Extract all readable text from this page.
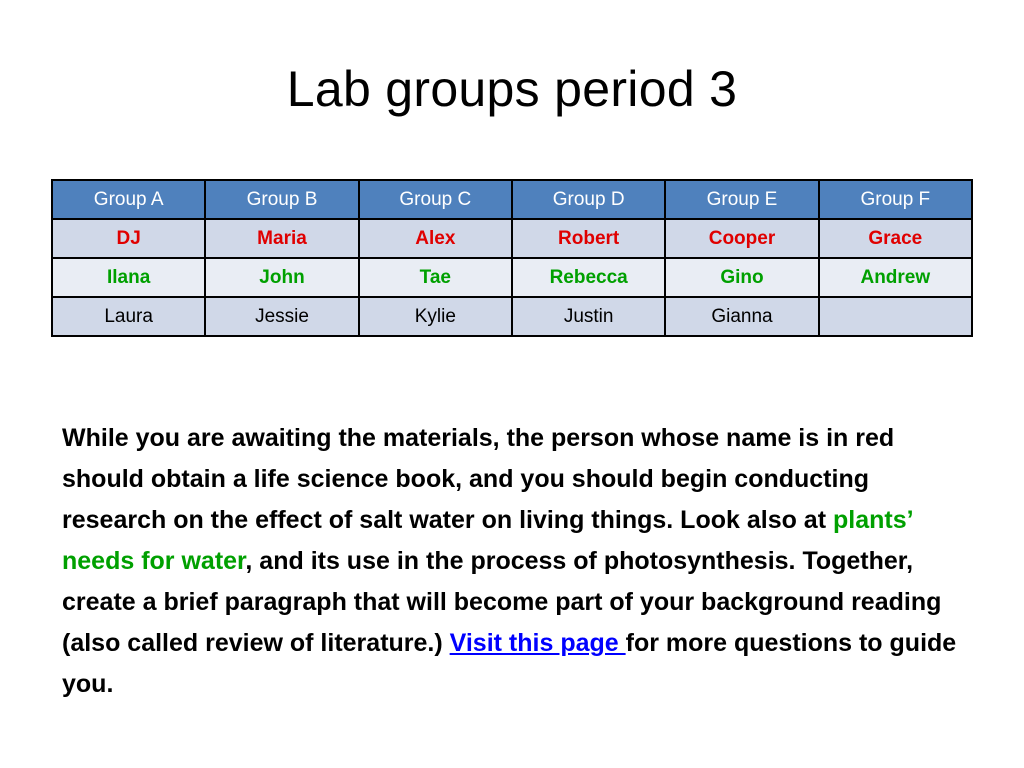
Lab groups period 3
Group A	Group B	Group C	Group D	Group E	Group F
DJ	Maria	Alex	Robert	Cooper	Grace
Ilana	John	Tae	Rebecca	Gino	Andrew
Laura	Jessie	Kylie	Justin	Gianna	

While you are awaiting the materials, the person whose name is in red should obtain a life science book, and you should begin conducting research on the effect of salt water on living things. Look also at plants’ needs for water, and its use in the process of photosynthesis. Together, create a brief paragraph that will become part of your background reading (also called review of literature.) Visit this page for more questions to guide you.
